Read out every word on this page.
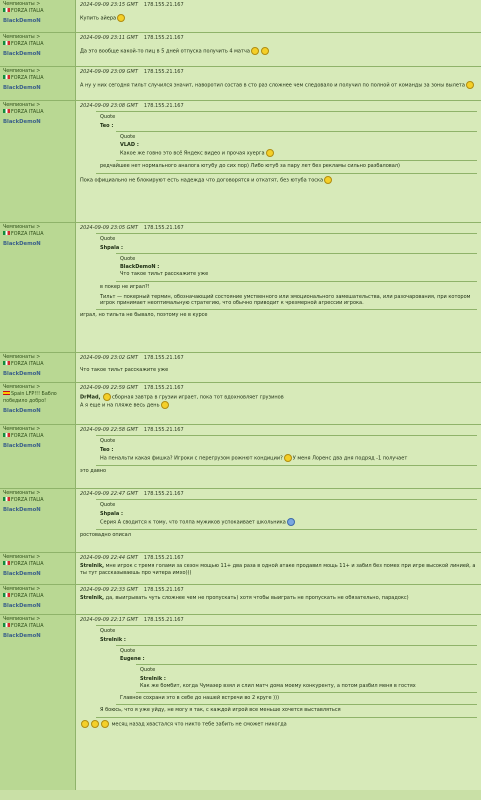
Чемпионаты >
FORZA ITALIA
BlackDemoN
2024-09-09 23:15 GMT 178.155.21.167
Купить айера
Чемпионаты >
FORZA ITALIA
BlackDemoN
2024-09-09 23:11 GMT 178.155.21.167
Да это вообще какой-то пиц в 5 дней отпуска получить 4 матча
Чемпионаты >
FORZA ITALIA
BlackDemoN
2024-09-09 23:09 GMT 178.155.21.167
А ну у них сегодня тильт случился значит, наворотил состав в сто раз сложнее чем следовало и получил по полной от команды за зоны вылета
Чемпионаты >
FORZA ITALIA
BlackDemoN
2024-09-09 23:08 GMT 178.155.21.167
Quote
Teo :
Quote
VLAD :
Какое же говно это всё Яндекс видео и прочая хуерга
редчайшее нет нормального аналога ютубу до сих пор) Либо ютуб за пару лет без рекламы сильно разбаловал)
Пока официально не блокируют есть надежда что договорятся и откатят, без ютуба тоска
Чемпионаты >
FORZA ITALIA
BlackDemoN
2024-09-09 23:05 GMT 178.155.21.167
Quote
Shpala :
Quote
BlackDemoN :
Что такое тильт расскажите уже
в покер не играл?!
Тильт — покерный термин, обозначающий состояние умственного или эмоционального замешательства, или разочарования, при котором игрок принимает неоптимальную стратегию, что обычно приводит к чрезмерной агрессии игрока.
играл, но тильта не бывало, поэтому не в курсе
Чемпионаты >
FORZA ITALIA
BlackDemoN
2024-09-09 23:02 GMT 178.155.21.167
Что такое тильт расскажите уже
Чемпионаты >
Spain LFP!!! Бабло победило добро!
BlackDemoN
2024-09-09 22:59 GMT 178.155.21.167
DrMad, сборная завтра в грузии играет, пока тот вдохновляет грузинов
А я еще и на пляже весь день
Чемпионаты >
FORZA ITALIA
BlackDemoN
2024-09-09 22:58 GMT 178.155.21.167
Quote
Teo :
На пенальти какая фишка? Игроки с перегрузом рожнют кондиции? У меня Лоренс два дня подряд -1 получает
это давно
Чемпионаты >
FORZA ITALIA
BlackDemoN
2024-09-09 22:47 GMT 178.155.21.167
Quote
Shpala :
Серия А сводится к тому, что толпа мужиков успокаивает школьника
ростовадно описал
Чемпионаты >
FORZA ITALIA
BlackDemoN
2024-09-09 22:44 GMT 178.155.21.167
Strelnik, мне игрок с тремя голами за сезон мощью 11+ два раза в одной атаке продавил мощь 11+ и забил без помех при игре высокой линией, а ты тут рассказываешь про читера имхо)))
Чемпионаты >
FORZA ITALIA
BlackDemoN
2024-09-09 22:33 GMT 178.155.21.167
Strelnik, да, выигрывать чуть сложнее чем не пропускать) хотя чтобы выиграть не пропускать не обязательно, парадокс)
Чемпионаты >
FORZA ITALIA
BlackDemoN
2024-09-09 22:17 GMT 178.155.21.167
Quote
Strelnik :
Quote
Eugene :
Quote
Strelnik :
Как же бомбит, когда Чумазер взял и слил матч дома моему конкуренту, а потом разбил меня в гостях
Главное сохрани это в себе до нашей встречи во 2 круге )))
Я боюсь, что я уже уйду, не могу я так, с каждой игрой все меньше хочется выставляться
месяц назад хвастался что никто тебе забить не сможет никогда
